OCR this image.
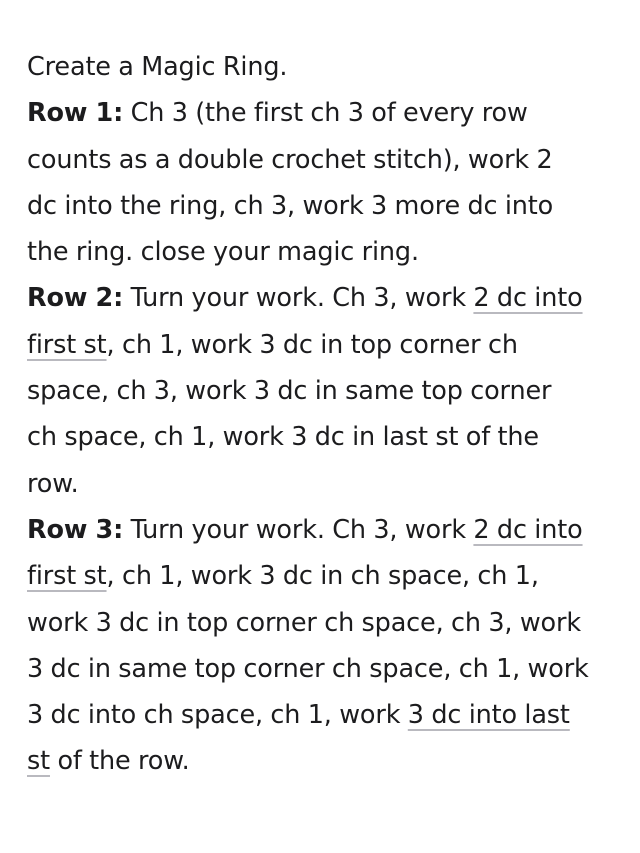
Create a Magic Ring.
Row 1: Ch 3 (the first ch 3 of every row
counts as a double crochet stitch), work 2
dc into the ring, ch 3, work 3 more dc into
the ring. close your magic ring.
Row 2: Turn your work. Ch 3, work 2 dc into
first st, ch 1, work 3 dc in top corner ch
space, ch 3, work 3 dc in same top corner
ch space, ch 1, work 3 dc in last st of the
row.
Row 3: Turn your work. Ch 3, work 2 dc into
first st, ch 1, work 3 dc in ch space, ch 1,
work 3 dc in top corner ch space, ch 3, work
3 dc in same top corner ch space, ch 1, work
3 dc into ch space, ch 1, work 3 dc into last
st of the row.
